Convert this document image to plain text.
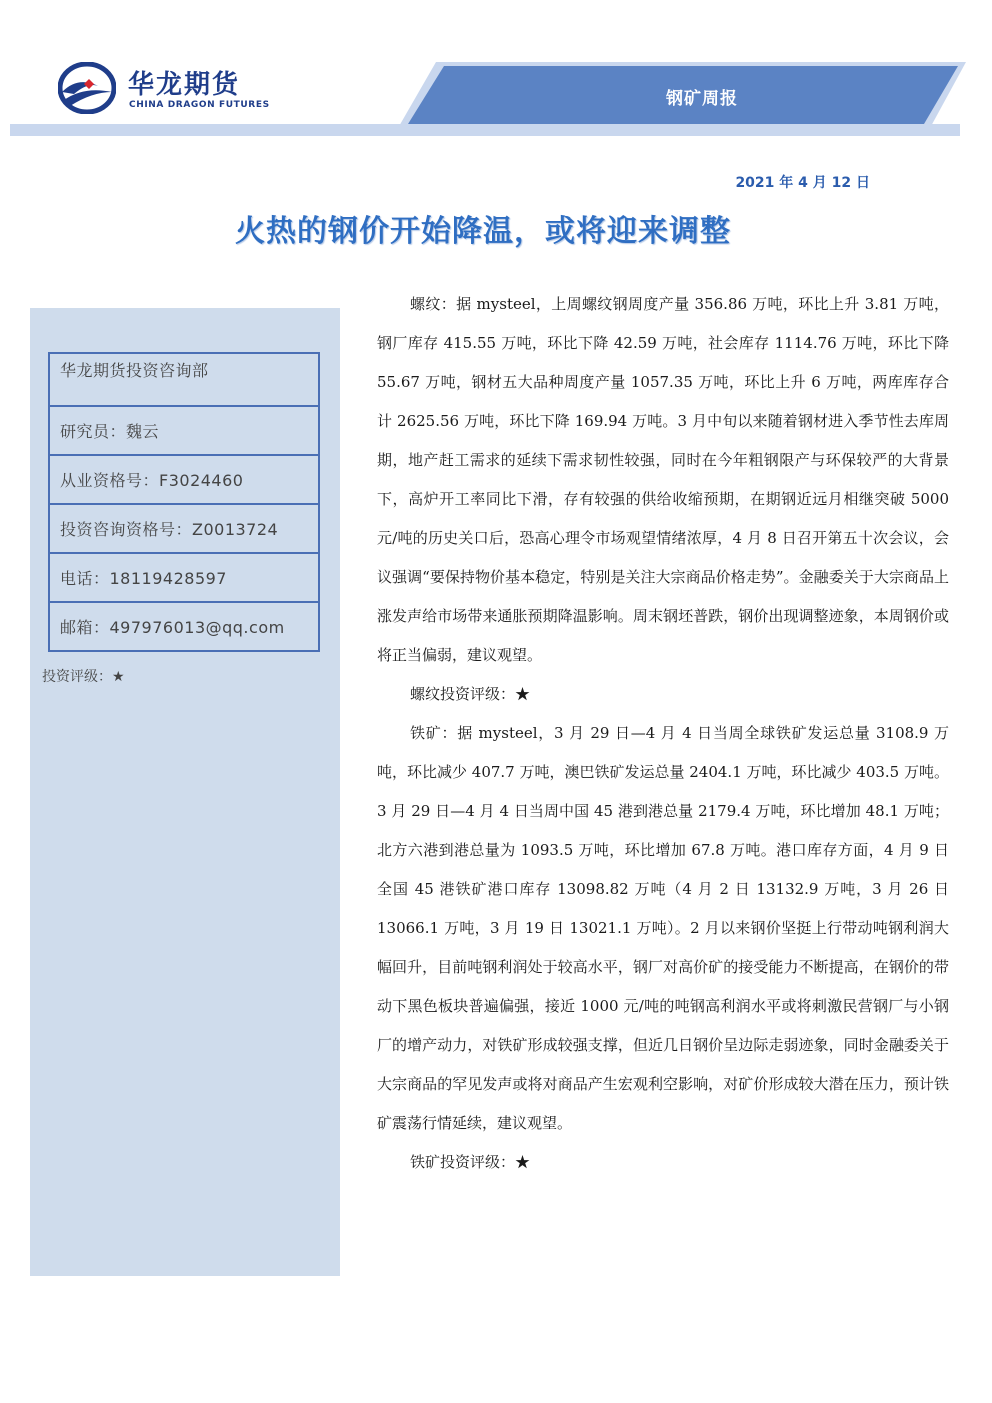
华龙期货
CHINA DRAGON FUTURES	钢矿周报
2021 年 4 月 12 日
火热的钢价开始降温，或将迎来调整
华龙期货投资咨询部
研究员：魏云
从业资格号：F3024460
投资咨询资格号：Z0013724
电话：18119428597
邮箱：497976013@qq.com
投资评级：★

螺纹：据 mysteel，上周螺纹钢周度产量 356.86 万吨，环比上升 3.81 万吨，钢厂库存 415.55 万吨，环比下降 42.59 万吨，社会库存 1114.76 万吨，环比下降 55.67 万吨，钢材五大品种周度产量 1057.35 万吨，环比上升 6 万吨，两库库存合计 2625.56 万吨，环比下降 169.94 万吨。3 月中旬以来随着钢材进入季节性去库周期，地产赶工需求的延续下需求韧性较强，同时在今年粗钢限产与环保较严的大背景下，高炉开工率同比下滑，存有较强的供给收缩预期，在期钢近远月相继突破 5000 元/吨的历史关口后，恐高心理令市场观望情绪浓厚，4 月 8 日召开第五十次会议，会议强调“要保持物价基本稳定，特别是关注大宗商品价格走势”。金融委关于大宗商品上涨发声给市场带来通胀预期降温影响。周末钢坯普跌，钢价出现调整迹象，本周钢价或将正当偏弱，建议观望。

螺纹投资评级：★

铁矿：据 mysteel，3 月 29 日—4 月 4 日当周全球铁矿发运总量 3108.9 万吨，环比减少 407.7 万吨，澳巴铁矿发运总量 2404.1 万吨，环比减少 403.5 万吨。3 月 29 日—4 月 4 日当周中国 45 港到港总量 2179.4 万吨，环比增加 48.1 万吨；北方六港到港总量为 1093.5 万吨，环比增加 67.8 万吨。港口库存方面，4 月 9 日全国 45 港铁矿港口库存 13098.82 万吨（4 月 2 日 13132.9 万吨，3 月 26 日 13066.1 万吨，3 月 19 日 13021.1 万吨）。2 月以来钢价坚挺上行带动吨钢利润大幅回升，目前吨钢利润处于较高水平，钢厂对高价矿的接受能力不断提高，在钢价的带动下黑色板块普遍偏强，接近 1000 元/吨的吨钢高利润水平或将刺激民营钢厂与小钢厂的增产动力，对铁矿形成较强支撑，但近几日钢价呈边际走弱迹象，同时金融委关于大宗商品的罕见发声或将对商品产生宏观利空影响，对矿价形成较大潜在压力，预计铁矿震荡行情延续，建议观望。

铁矿投资评级：★
